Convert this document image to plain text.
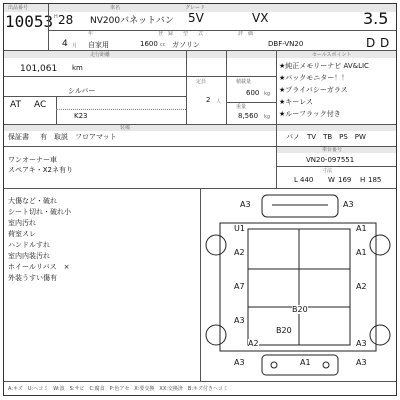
出品番号	車名	グレード
10053 H 28 NV200バネットバン 5V	VX	3.5
年　　　　　　　　　　　　　登　録　　型　　式　　　　　　　評　価
4 月 自家用	1600 cc ガソリン	DBF-VN20	D D
走行距離
101,061 km
シルバー
定員
2 人
積載量
600 kg
AT AC
K23
重量
8,560 kg
セールスポイント
★純正メモリーナビ AV&LIC
★バックモニター！！
★プライバシーガラス
★キーレス
★ルーフラック付き
装備
保証書 有　取説　フロアマット	パノ　TV　TB　PS　PW
ワンオーナー車
スペアキ・X2ネ有り
車台番号
VN20-097551
寸法
L 440 W 169 H 185
大傷など・破れ
シート切れ・破れ小
室内汚れ
荷室スレ
ハンドルすれ
室内内装汚れ
ホイールリバス　×
外装うすい傷有
A3	A3
U1	A1
A2	A1
A7	A2
B20
A3
B20
A2	A3
A3	A1	A3
A:キズ　U:ヘコミ　W:波　S:サビ　C:腐食　P:色アセ　X:要交換　XX:交換済　B:キズ付きヘコミ
